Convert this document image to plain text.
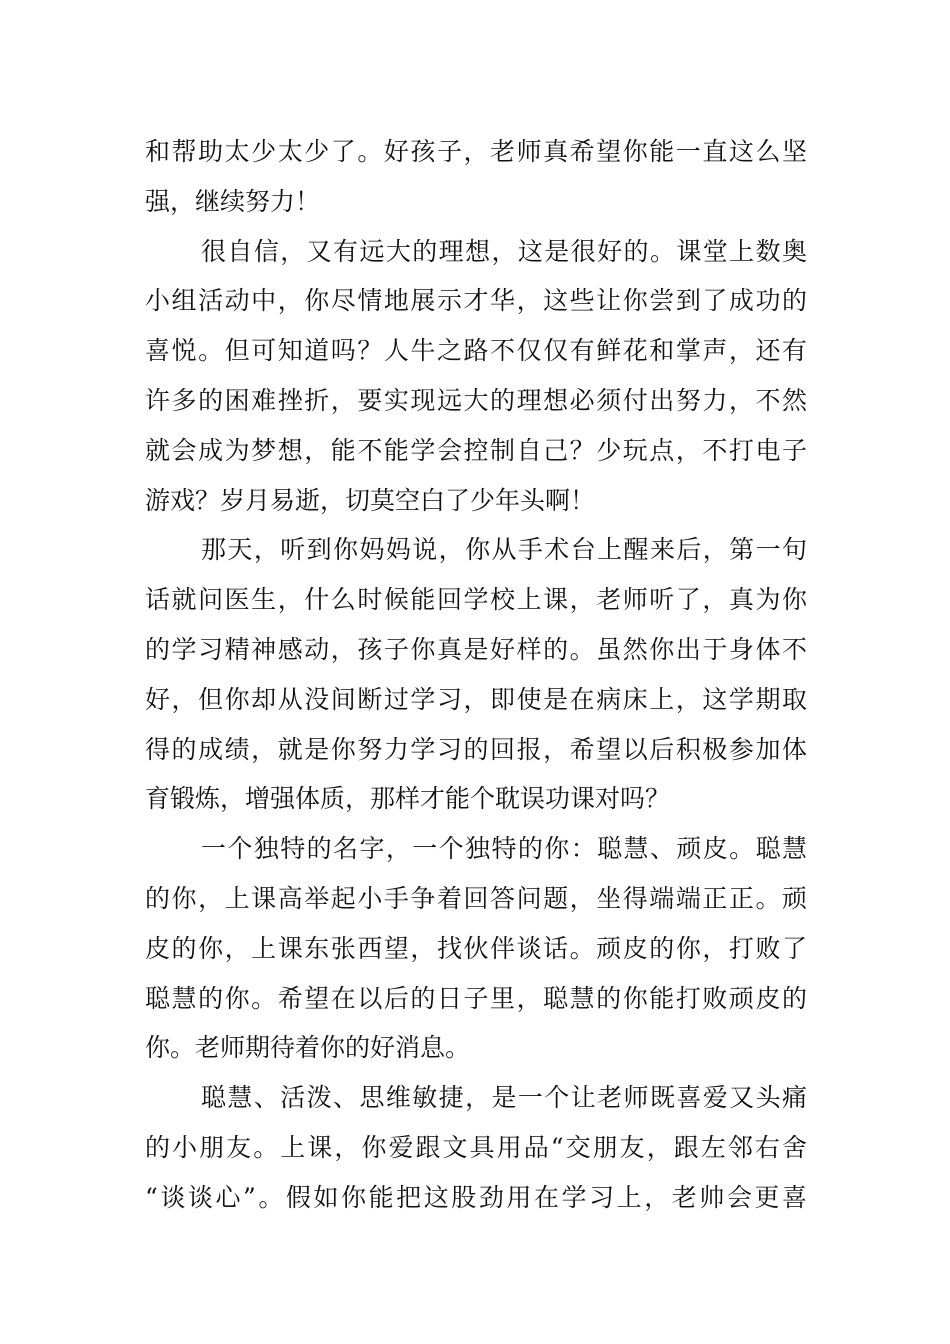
和帮助太少太少了。好孩子，老师真希望你能一直这么坚
强，继续努力！
很自信，又有远大的理想，这是很好的。课堂上数奥
小组活动中，你尽情地展示才华，这些让你尝到了成功的
喜悦。但可知道吗？人牛之路不仅仅有鲜花和掌声，还有
许多的困难挫折，要实现远大的理想必须付出努力，不然
就会成为梦想，能不能学会控制自己？少玩点，不打电子
游戏？岁月易逝，切莫空白了少年头啊！
那天，听到你妈妈说，你从手术台上醒来后，第一句
话就问医生，什么时候能回学校上课，老师听了，真为你
的学习精神感动，孩子你真是好样的。虽然你出于身体不
好，但你却从没间断过学习，即使是在病床上，这学期取
得的成绩，就是你努力学习的回报，希望以后积极参加体
育锻炼，增强体质，那样才能个耽误功课对吗？
一个独特的名字，一个独特的你：聪慧、顽皮。聪慧
的你，上课高举起小手争着回答问题，坐得端端正正。顽
皮的你，上课东张西望，找伙伴谈话。顽皮的你，打败了
聪慧的你。希望在以后的日子里，聪慧的你能打败顽皮的
你。老师期待着你的好消息。
聪慧、活泼、思维敏捷，是一个让老师既喜爱又头痛
的小朋友。上课，你爱跟文具用品“交朋友，跟左邻右舍
“谈谈心”。假如你能把这股劲用在学习上，老帅会更喜
